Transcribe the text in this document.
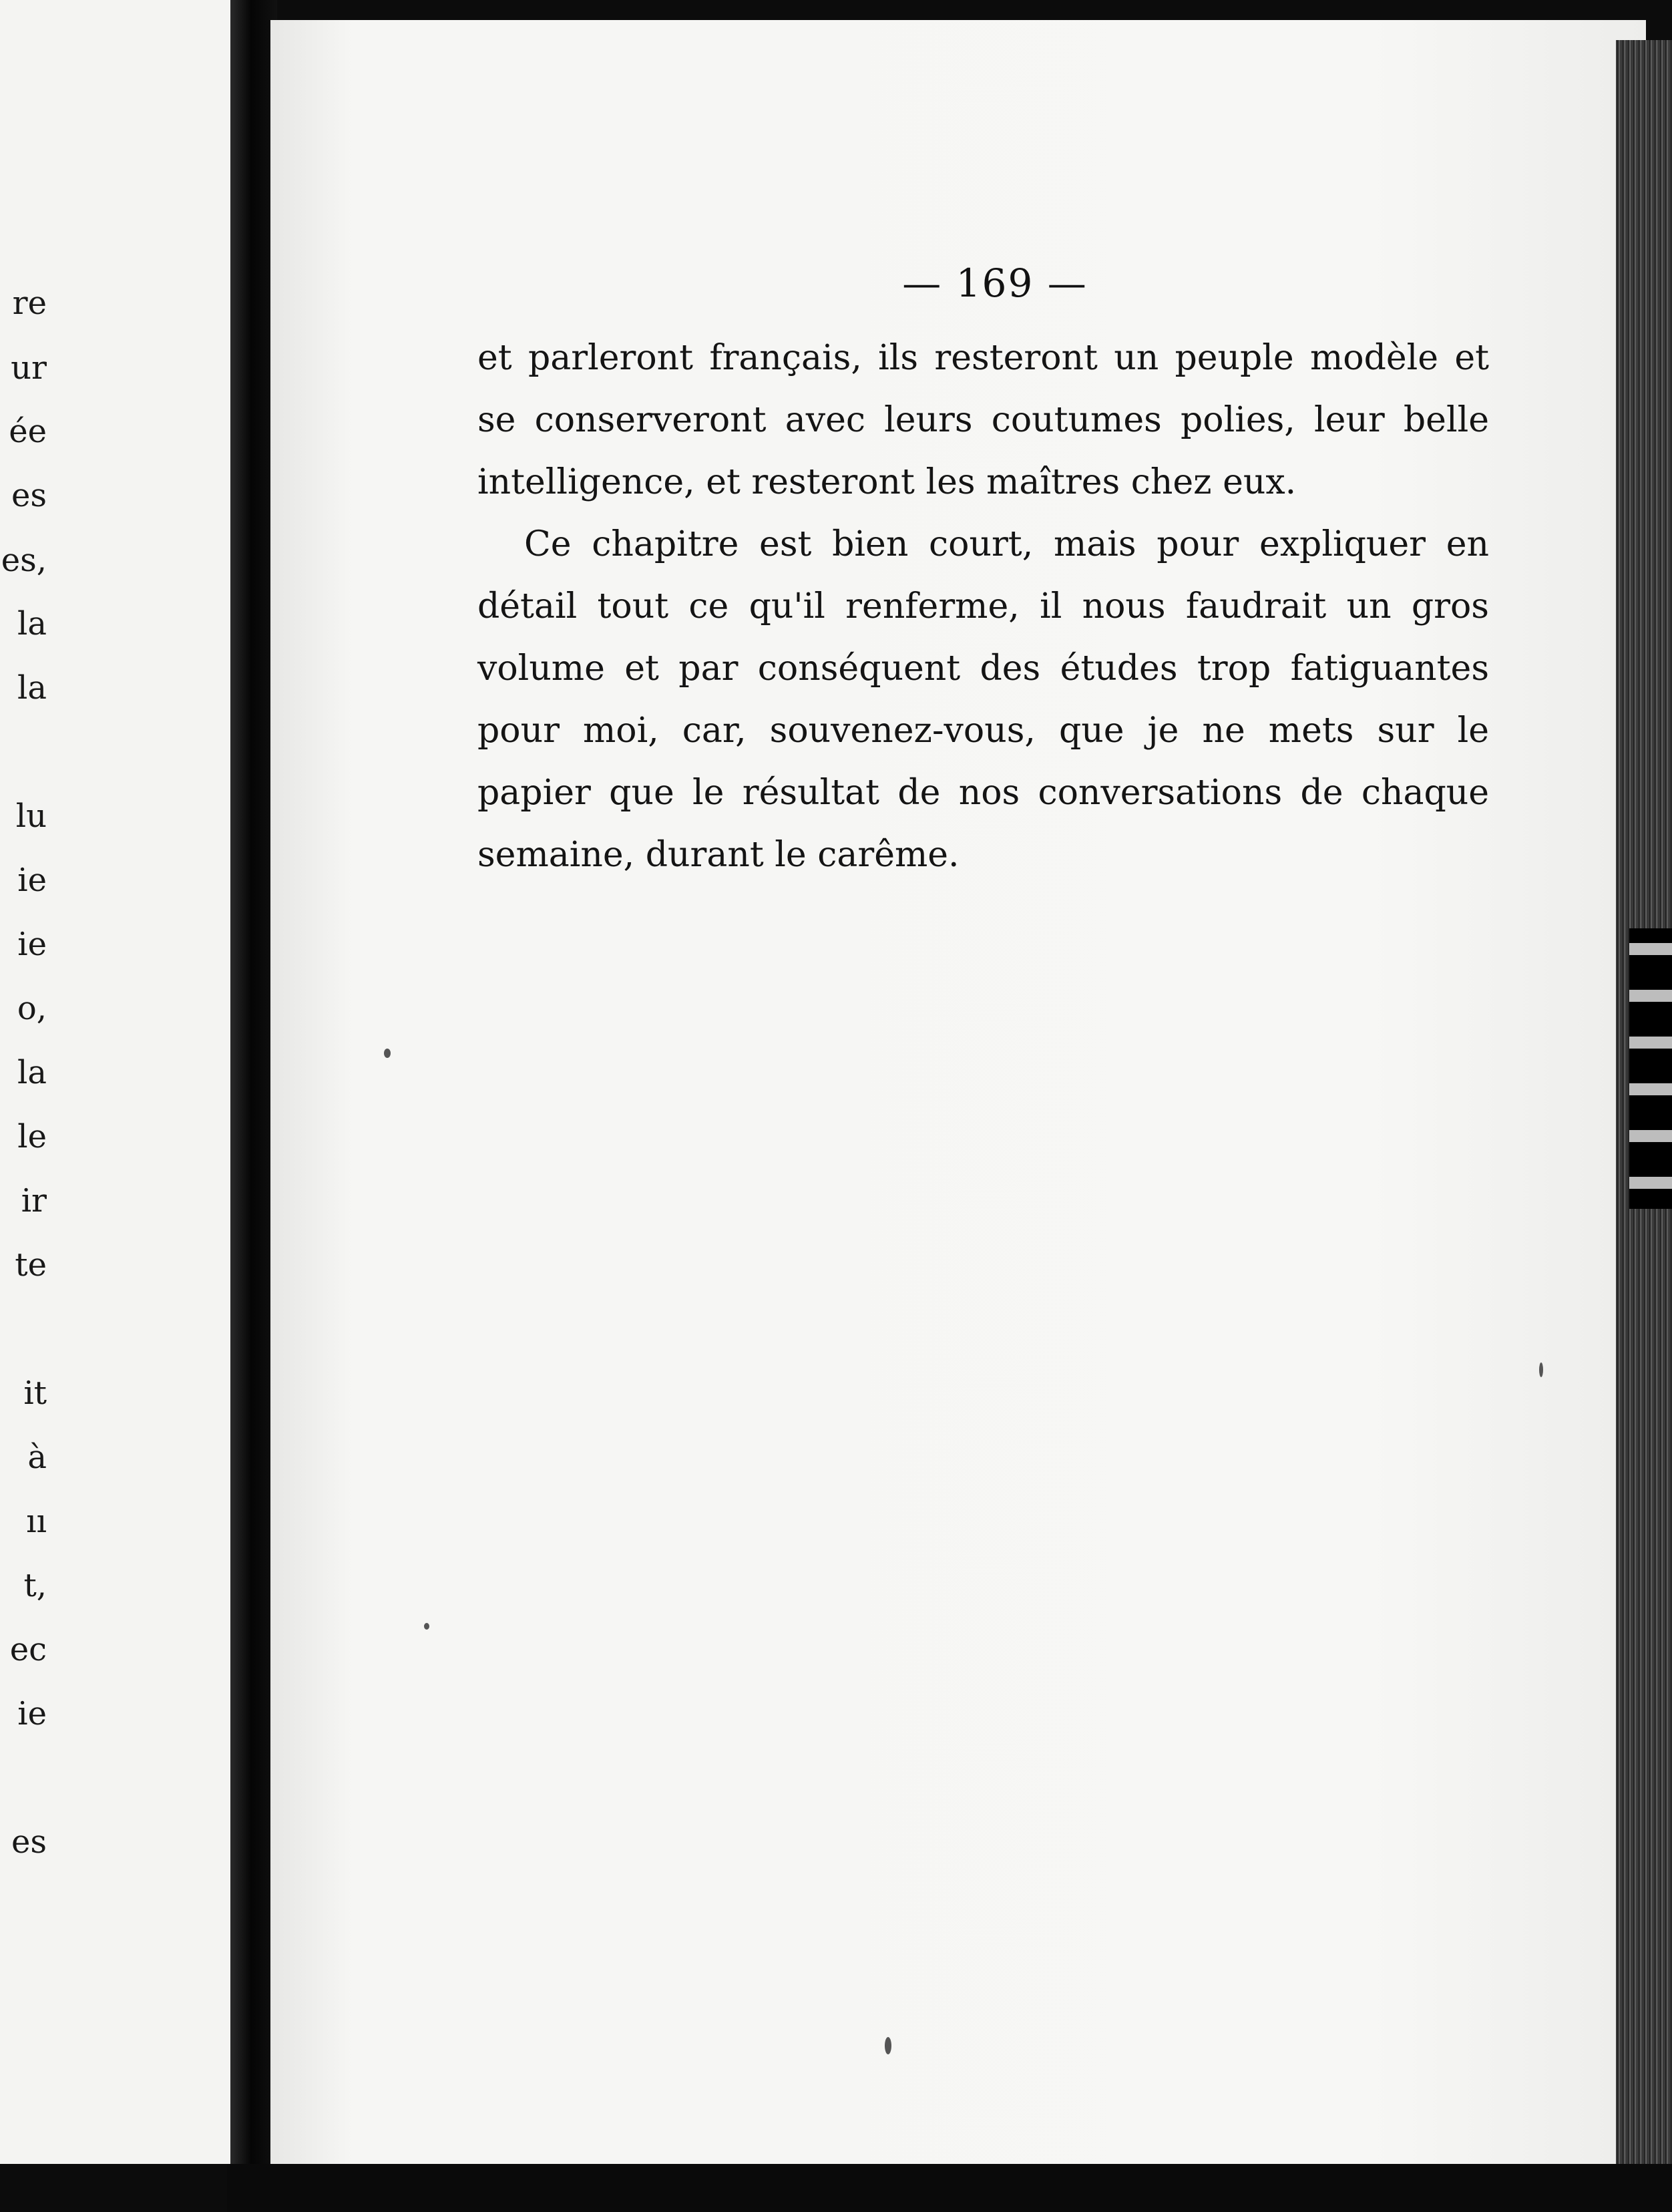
re
ur
ée
es
es,
la
la
lu
ie
ie
o,
la
le
ir
te
it
à
ıı
t,
ec
ie
es
— 169 —
et parleront français, ils resteront un peuple modèle et
se conserveront avec leurs coutumes polies, leur belle
intelligence, et resteront les maîtres chez eux.
Ce chapitre est bien court, mais pour expliquer en
détail tout ce qu'il renferme, il nous faudrait un gros
volume et par conséquent des études trop fatiguantes
pour moi, car, souvenez-vous, que je ne mets sur le
papier que le résultat de nos conversations de chaque
semaine, durant le carême.
